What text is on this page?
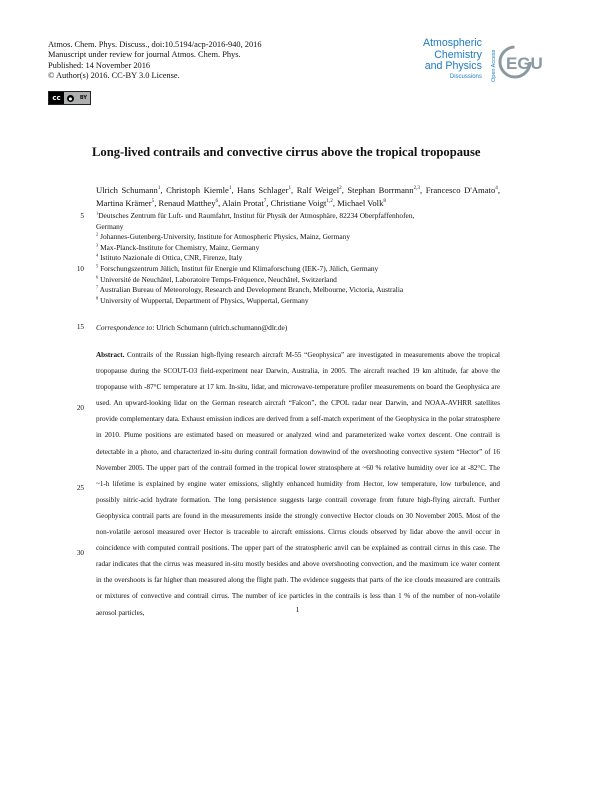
Atmos. Chem. Phys. Discuss., doi:10.5194/acp-2016-940, 2016
Manuscript under review for journal Atmos. Chem. Phys.
Published: 14 November 2016
© Author(s) 2016. CC-BY 3.0 License.
cc	●	BY
Atmospheric
Chemistry
and Physics
Discussions Open Access EGU
Long-lived contrails and convective cirrus above the tropical tropopause
Ulrich Schumann$^1$, Christoph Kiemle$^1$, Hans Schlager$^1$, Ralf Weigel$^2$, Stephan Borrmann$^{2,3}$, Francesco D'Amato$^4$, Martina Krämer$^5$, Renaud Matthey$^6$, Alain Protat$^7$, Christiane Voigt$^{1,2}$, Michael Volk$^8$
$^1$Deutsches Zentrum für Luft- und Raumfahrt, Institut für Physik der Atmosphäre, 82234 Oberpfaffenhofen,
Germany
$^2$ Johannes-Gutenberg-University, Institute for Atmospheric Physics, Mainz, Germany
$^3$ Max-Planck-Institute for Chemistry, Mainz, Germany
$^4$ Istituto Nazionale di Ottica, CNR, Firenze, Italy
$^5$ Forschungszentrum Jülich, Institut für Energie und Klimaforschung (IEK-7), Jülich, Germany
$^6$ Université de Neuchâtel, Laboratoire Temps-Fréquence, Neuchâtel, Switzerland
$^7$ Australian Bureau of Meteorology, Research and Development Branch, Melbourne, Victoria, Australia
$^8$ University of Wuppertal, Department of Physics, Wuppertal, Germany
5
10
15
20
25
30
Correspondence to: Ulrich Schumann (ulrich.schumann@dlr.de)
Abstract. Contrails of the Russian high-flying research aircraft M-55 “Geophysica” are investigated in measurements above the tropical tropopause during the SCOUT-O3 field-experiment near Darwin, Australia, in 2005. The aircraft reached 19 km altitude, far above the tropopause with -87°C temperature at 17 km. In-situ, lidar, and microwave-temperature profiler measurements on board the Geophysica are used. An upward-looking lidar on the German research aircraft “Falcon”, the CPOL radar near Darwin, and NOAA-AVHRR satellites provide complementary data. Exhaust emission indices are derived from a self-match experiment of the Geophysica in the polar stratosphere in 2010. Plume positions are estimated based on measured or analyzed wind and parameterized wake vortex descent. One contrail is detectable in a photo, and characterized in-situ during contrail formation downwind of the overshooting convective system “Hector” of 16 November 2005. The upper part of the contrail formed in the tropical lower stratosphere at ~60 % relative humidity over ice at -82°C. The ~1-h lifetime is explained by engine water emissions, slightly enhanced humidity from Hector, low temperature, low turbulence, and possibly nitric-acid hydrate formation. The long persistence suggests large contrail coverage from future high-flying aircraft. Further Geophysica contrail parts are found in the measurements inside the strongly convective Hector clouds on 30 November 2005. Most of the non-volatile aerosol measured over Hector is traceable to aircraft emissions. Cirrus clouds observed by lidar above the anvil occur in coincidence with computed contrail positions. The upper part of the stratospheric anvil can be explained as contrail cirrus in this case. The radar indicates that the cirrus was measured in-situ mostly besides and above overshooting convection, and the maximum ice water content in the overshoots is far higher than measured along the flight path. The evidence suggests that parts of the ice clouds measured are contrails or mixtures of convective and contrail cirrus. The number of ice particles in the contrails is less than 1 % of the number of non-volatile aerosol particles,	1
